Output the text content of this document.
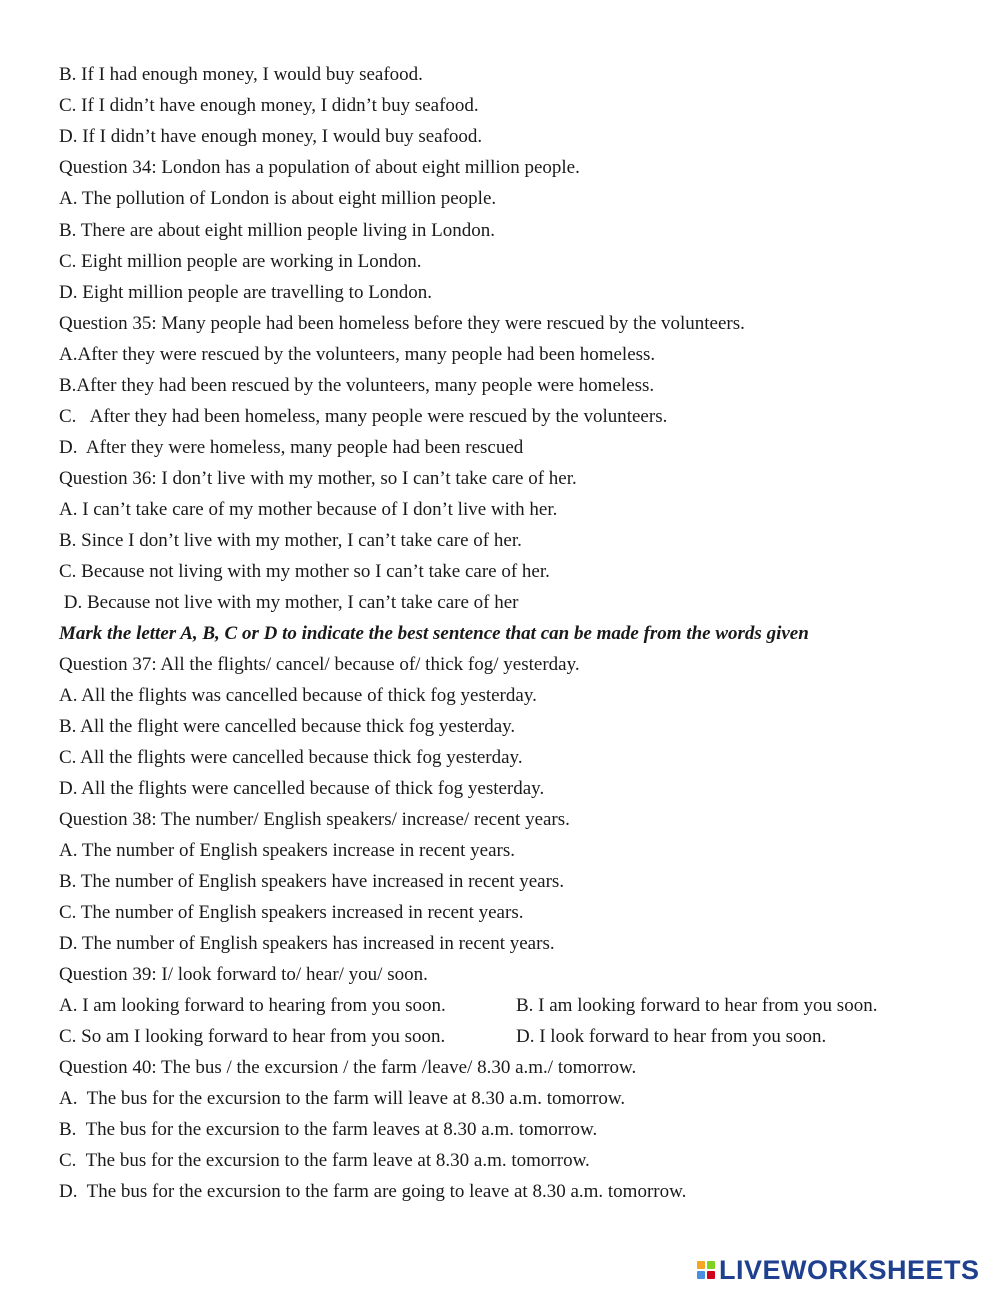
B. If I had enough money, I would buy seafood.

C. If I didn’t have enough money, I didn’t buy seafood.

D. If I didn’t have enough money, I would buy seafood.

Question 34: London has a population of about eight million people.

A. The pollution of London is about eight million people.

B. There are about eight million people living in London.

C. Eight million people are working in London.

D. Eight million people are travelling to London.

Question 35: Many people had been homeless before they were rescued by the volunteers.

A.After they were rescued by the volunteers, many people had been homeless.

B.After they had been rescued by the volunteers, many people were homeless.

C.   After they had been homeless, many people were rescued by the volunteers.

D.  After they were homeless, many people had been rescued

Question 36: I don’t live with my mother, so I can’t take care of her.

A. I can’t take care of my mother because of I don’t live with her.

B. Since I don’t live with my mother, I can’t take care of her.

C. Because not living with my mother so I can’t take care of her.

D. Because not live with my mother, I can’t take care of her

Mark the letter A, B, C or D to indicate the best sentence that can be made from the words given

Question 37: All the flights/ cancel/ because of/ thick fog/ yesterday.

A. All the flights was cancelled because of thick fog yesterday.

B. All the flight were cancelled because thick fog yesterday.

C. All the flights were cancelled because thick fog yesterday.

D. All the flights were cancelled because of thick fog yesterday.

Question 38: The number/ English speakers/ increase/ recent years.

A. The number of English speakers increase in recent years.

B. The number of English speakers have increased in recent years.

C. The number of English speakers increased in recent years.

D. The number of English speakers has increased in recent years.

Question 39: I/ look forward to/ hear/ you/ soon.

A. I am looking forward to hearing from you soon.	B. I am looking forward to hear from you soon.

C. So am I looking forward to hear from you soon.	D. I look forward to hear from you soon.

Question 40: The bus / the excursion / the farm /leave/ 8.30 a.m./ tomorrow.

A.  The bus for the excursion to the farm will leave at 8.30 a.m. tomorrow.

B.  The bus for the excursion to the farm leaves at 8.30 a.m. tomorrow.

C.  The bus for the excursion to the farm leave at 8.30 a.m. tomorrow.

D.  The bus for the excursion to the farm are going to leave at 8.30 a.m. tomorrow.

LIVEWORKSHEETS
